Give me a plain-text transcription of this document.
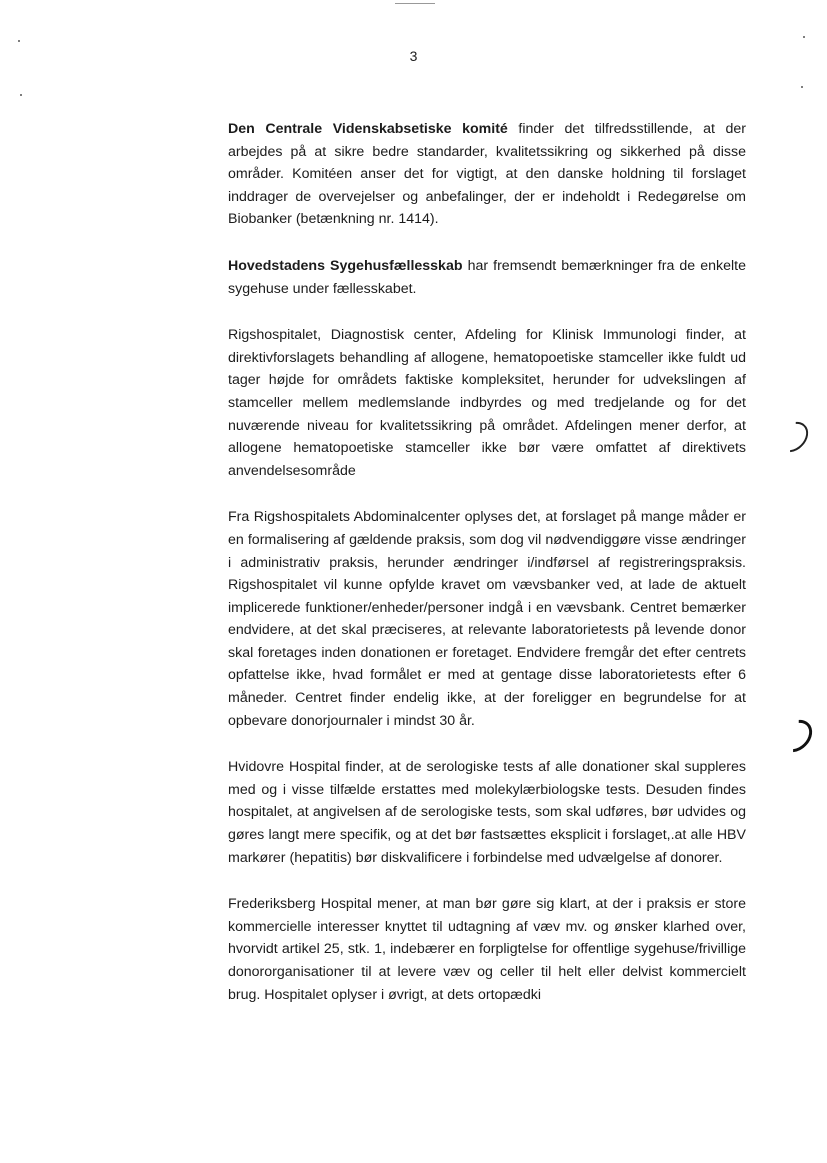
3

Den Centrale Videnskabsetiske komité finder det tilfredsstillende, at der arbejdes på at sikre bedre standarder, kvalitetssikring og sikkerhed på disse områder. Komitéen anser det for vigtigt, at den danske holdning til forslaget inddrager de overvejelser og anbefalinger, der er indeholdt i Redegørelse om Biobanker (betænkning nr. 1414).

Hovedstadens Sygehusfællesskab har fremsendt bemærkninger fra de enkelte sygehuse under fællesskabet.

Rigshospitalet, Diagnostisk center, Afdeling for Klinisk Immunologi finder, at direktivforslagets behandling af allogene, hematopoetiske stamceller ikke fuldt ud tager højde for områdets faktiske kompleksitet, herunder for udvekslingen af stamceller mellem medlemslande indbyrdes og med tredjelande og for det nuværende niveau for kvalitetssikring på området. Afdelingen mener derfor, at allogene hematopoetiske stamceller ikke bør være omfattet af direktivets anvendelsesområde

Fra Rigshospitalets Abdominalcenter oplyses det, at forslaget på mange måder er en formalisering af gældende praksis, som dog vil nødvendiggøre visse ændringer i administrativ praksis, herunder ændringer i/indførsel af registreringspraksis. Rigshospitalet vil kunne opfylde kravet om vævsbanker ved, at lade de aktuelt implicerede funktioner/enheder/personer indgå i en vævsbank. Centret bemærker endvidere, at det skal præciseres, at relevante laboratorietests på levende donor skal foretages inden donationen er foretaget. Endvidere fremgår det efter centrets opfattelse ikke, hvad formålet er med at gentage disse laboratorietests efter 6 måneder. Centret finder endelig ikke, at der foreligger en begrundelse for at opbevare donorjournaler i mindst 30 år.

Hvidovre Hospital finder, at de serologiske tests af alle donationer skal suppleres med og i visse tilfælde erstattes med molekylærbiologske tests. Desuden findes hospitalet, at angivelsen af de serologiske tests, som skal udføres, bør udvides og gøres langt mere specifik, og at det bør fastsættes eksplicit i forslaget,.at alle HBV markører (hepatitis) bør diskvalificere i forbindelse med udvælgelse af donorer.

Frederiksberg Hospital mener, at man bør gøre sig klart, at der i praksis er store kommercielle interesser knyttet til udtagning af væv mv. og ønsker klarhed over, hvorvidt artikel 25, stk. 1, indebærer en forpligtelse for offentlige sygehuse/frivillige donororganisationer til at levere væv og celler til helt eller delvist kommercielt brug. Hospitalet oplyser i øvrigt, at dets ortopædki
